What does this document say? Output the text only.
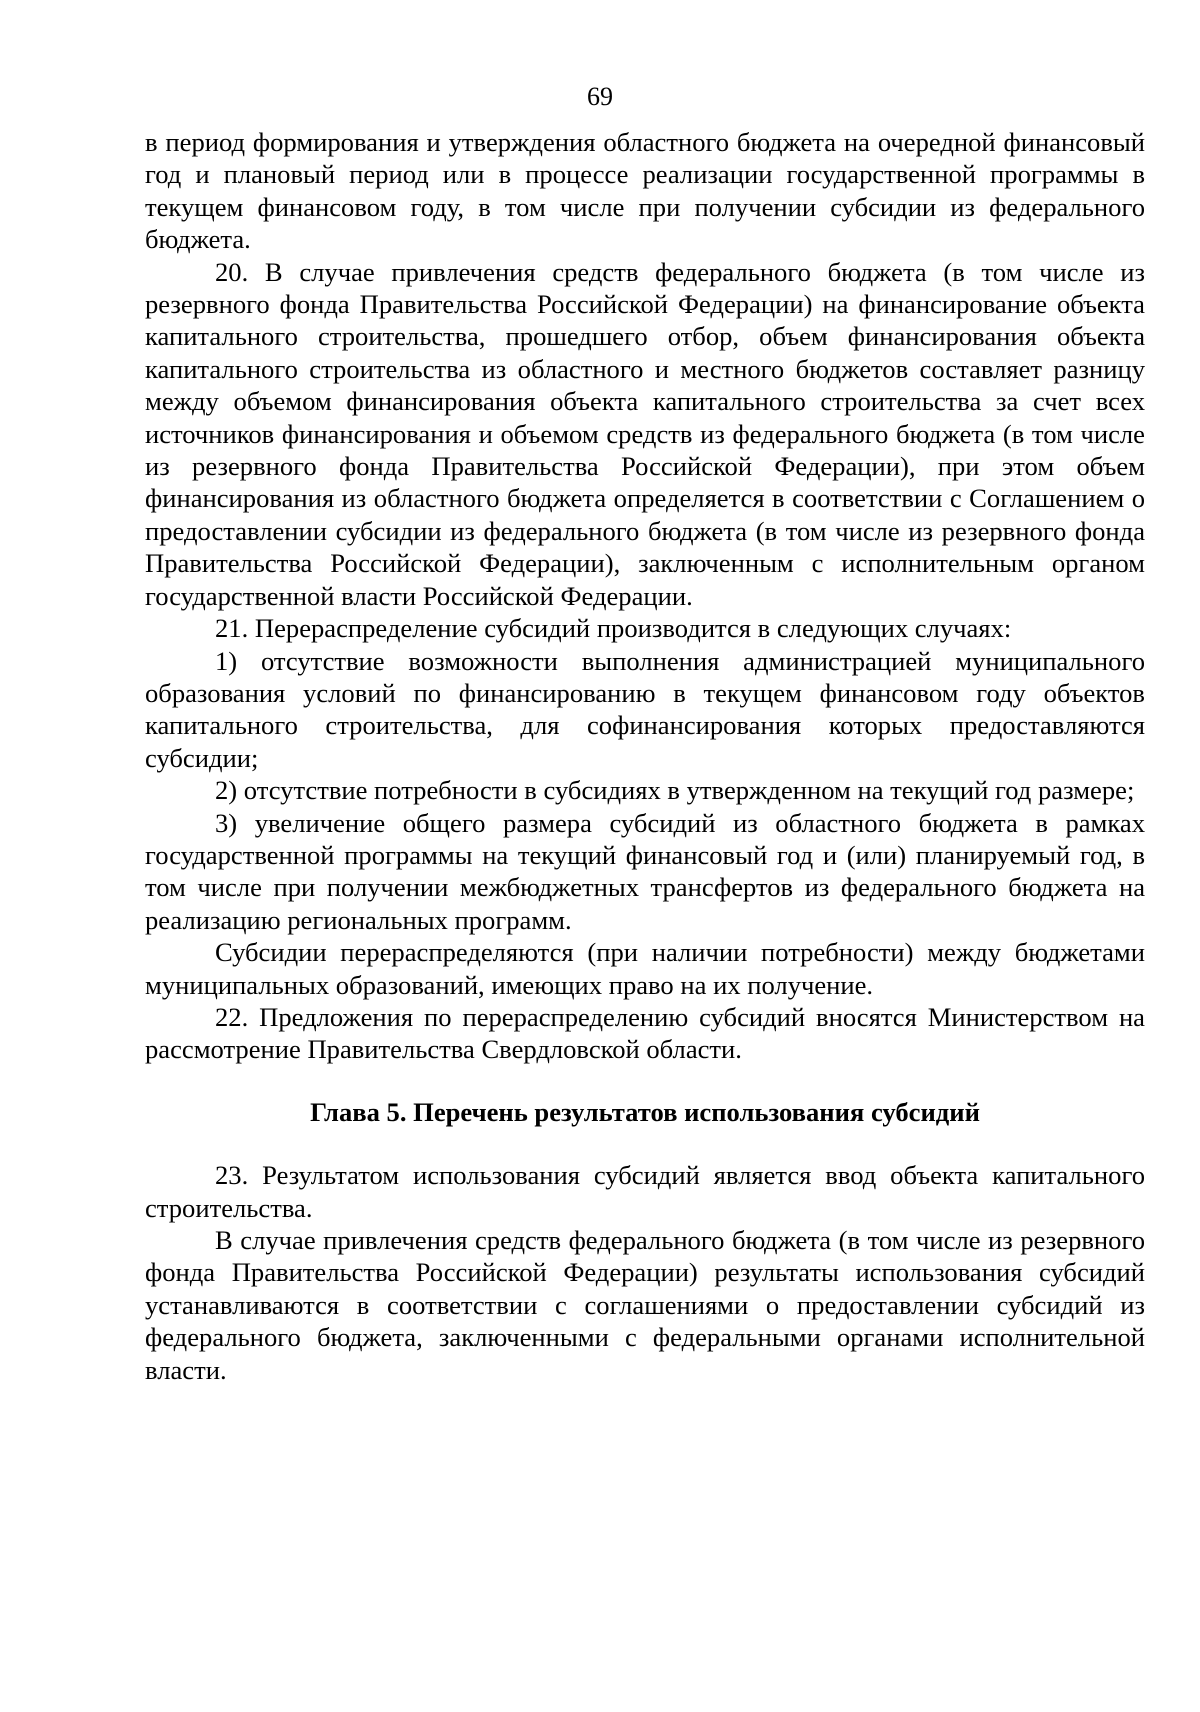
69

в период формирования и утверждения областного бюджета на очередной финансовый год и плановый период или в процессе реализации государственной программы в текущем финансовом году, в том числе при получении субсидии из федерального бюджета.

20. В случае привлечения средств федерального бюджета (в том числе из резервного фонда Правительства Российской Федерации) на финансирование объекта капитального строительства, прошедшего отбор, объем финансирования объекта капитального строительства из областного и местного бюджетов составляет разницу между объемом финансирования объекта капитального строительства за счет всех источников финансирования и объемом средств из федерального бюджета (в том числе из резервного фонда Правительства Российской Федерации), при этом объем финансирования из областного бюджета определяется в соответствии с Соглашением о предоставлении субсидии из федерального бюджета (в том числе из резервного фонда Правительства Российской Федерации), заключенным с исполнительным органом государственной власти Российской Федерации.

21. Перераспределение субсидий производится в следующих случаях:

1) отсутствие возможности выполнения администрацией муниципального образования условий по финансированию в текущем финансовом году объектов капитального строительства, для софинансирования которых предоставляются субсидии;

2) отсутствие потребности в субсидиях в утвержденном на текущий год размере;

3) увеличение общего размера субсидий из областного бюджета в рамках государственной программы на текущий финансовый год и (или) планируемый год, в том числе при получении межбюджетных трансфертов из федерального бюджета на реализацию региональных программ.

Субсидии перераспределяются (при наличии потребности) между бюджетами муниципальных образований, имеющих право на их получение.

22. Предложения по перераспределению субсидий вносятся Министерством на рассмотрение Правительства Свердловской области.

Глава 5. Перечень результатов использования субсидий

23. Результатом использования субсидий является ввод объекта капитального строительства.

В случае привлечения средств федерального бюджета (в том числе из резервного фонда Правительства Российской Федерации) результаты использования субсидий устанавливаются в соответствии с соглашениями о предоставлении субсидий из федерального бюджета, заключенными с федеральными органами исполнительной власти.
